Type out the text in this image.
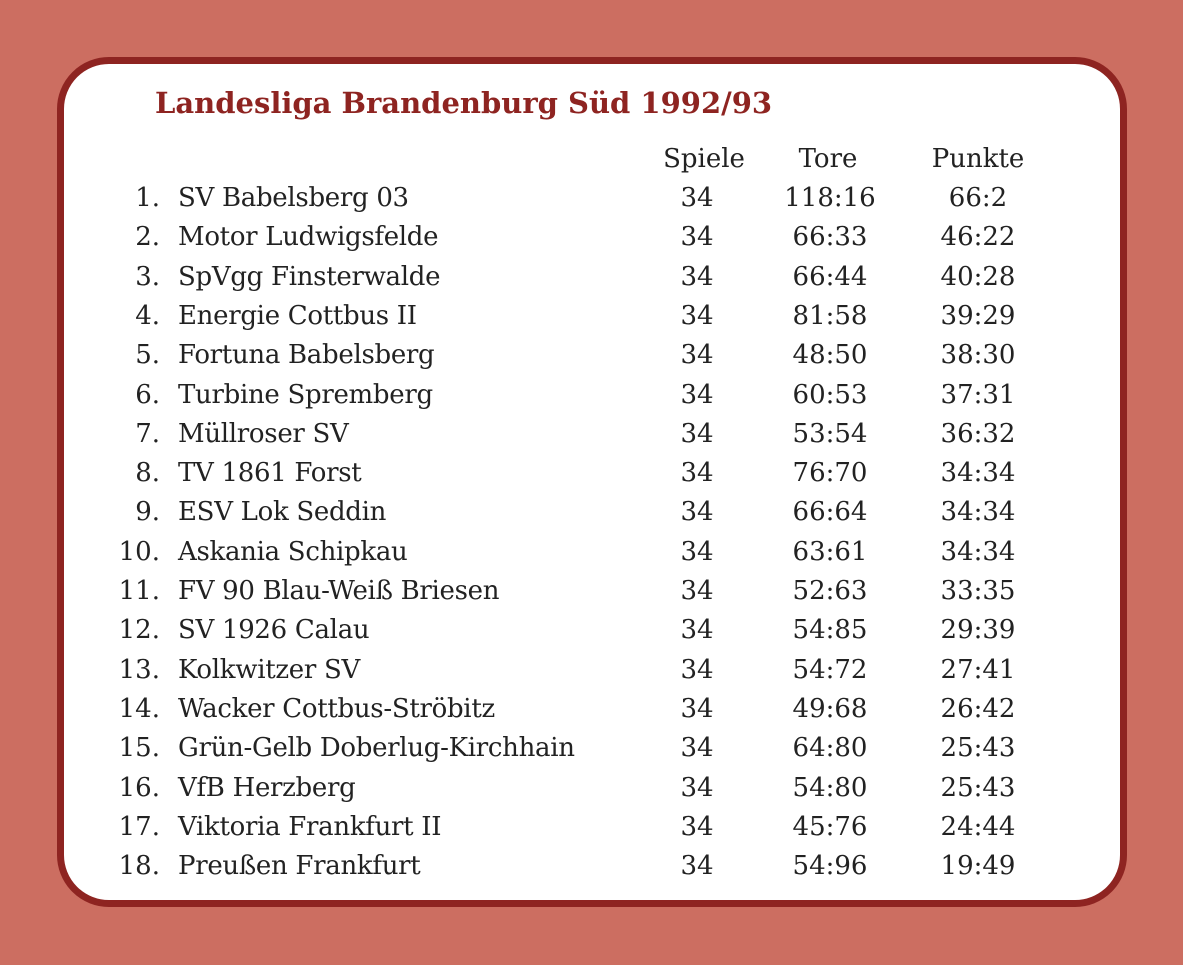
Landesliga Brandenburg Süd 1992/93
Spiele Tore	Punkte
1. SV Babelsberg 03	34	118:16	66:2
2. Motor Ludwigsfelde	34	66:33	46:22
3. SpVgg Finsterwalde	34	66:44	40:28
4. Energie Cottbus II	34	81:58	39:29
5. Fortuna Babelsberg	34	48:50	38:30
6. Turbine Spremberg	34	60:53	37:31
7. Müllroser SV	34	53:54	36:32
8. TV 1861 Forst	34	76:70	34:34
9. ESV Lok Seddin	34	66:64	34:34
10. Askania Schipkau	34	63:61	34:34
11. FV 90 Blau-Weiß Briesen	34	52:63	33:35
12. SV 1926 Calau	34	54:85	29:39
13. Kolkwitzer SV	34	54:72	27:41
14. Wacker Cottbus-Ströbitz	34	49:68	26:42
15. Grün-Gelb Doberlug-Kirchhain	34	64:80	25:43
16. VfB Herzberg	34	54:80	25:43
17. Viktoria Frankfurt II	34	45:76	24:44
18. Preußen Frankfurt	34	54:96	19:49
